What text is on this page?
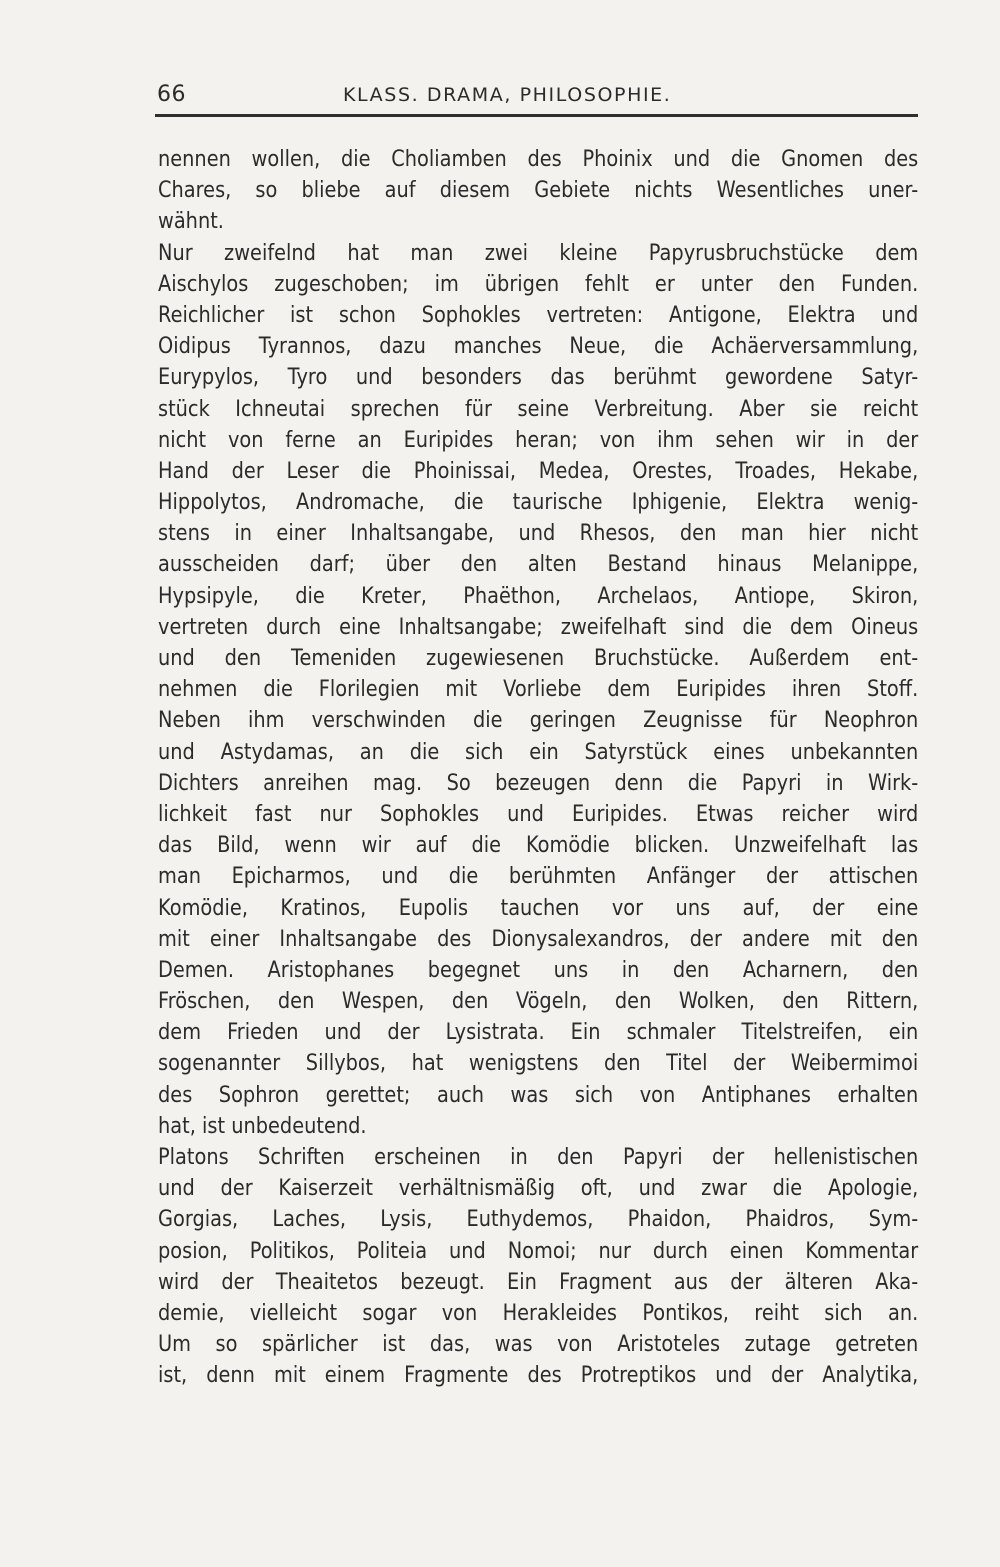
66	KLASS. DRAMA, PHILOSOPHIE.
nennen wollen, die Choliamben des Phoinix und die Gnomen des
Chares, so bliebe auf diesem Gebiete nichts Wesentliches uner-
wähnt.
Nur zweifelnd hat man zwei kleine Papyrusbruchstücke dem
Aischylos zugeschoben; im übrigen fehlt er unter den Funden.
Reichlicher ist schon Sophokles vertreten: Antigone, Elektra und
Oidipus Tyrannos, dazu manches Neue, die Achäerversammlung,
Eurypylos, Tyro und besonders das berühmt gewordene Satyr-
stück Ichneutai sprechen für seine Verbreitung. Aber sie reicht
nicht von ferne an Euripides heran; von ihm sehen wir in der
Hand der Leser die Phoinissai, Medea, Orestes, Troades, Hekabe,
Hippolytos, Andromache, die taurische Iphigenie, Elektra wenig-
stens in einer Inhaltsangabe, und Rhesos, den man hier nicht
ausscheiden darf; über den alten Bestand hinaus Melanippe,
Hypsipyle, die Kreter, Phaëthon, Archelaos, Antiope, Skiron,
vertreten durch eine Inhaltsangabe; zweifelhaft sind die dem Oineus
und den Temeniden zugewiesenen Bruchstücke. Außerdem ent-
nehmen die Florilegien mit Vorliebe dem Euripides ihren Stoff.
Neben ihm verschwinden die geringen Zeugnisse für Neophron
und Astydamas, an die sich ein Satyrstück eines unbekannten
Dichters anreihen mag. So bezeugen denn die Papyri in Wirk-
lichkeit fast nur Sophokles und Euripides. Etwas reicher wird
das Bild, wenn wir auf die Komödie blicken. Unzweifelhaft las
man Epicharmos, und die berühmten Anfänger der attischen
Komödie, Kratinos, Eupolis tauchen vor uns auf, der eine
mit einer Inhaltsangabe des Dionysalexandros, der andere mit den
Demen. Aristophanes begegnet uns in den Acharnern, den
Fröschen, den Wespen, den Vögeln, den Wolken, den Rittern,
dem Frieden und der Lysistrata. Ein schmaler Titelstreifen, ein
sogenannter Sillybos, hat wenigstens den Titel der Weibermimoi
des Sophron gerettet; auch was sich von Antiphanes erhalten
hat, ist unbedeutend.
Platons Schriften erscheinen in den Papyri der hellenistischen
und der Kaiserzeit verhältnismäßig oft, und zwar die Apologie,
Gorgias, Laches, Lysis, Euthydemos, Phaidon, Phaidros, Sym-
posion, Politikos, Politeia und Nomoi; nur durch einen Kommentar
wird der Theaitetos bezeugt. Ein Fragment aus der älteren Aka-
demie, vielleicht sogar von Herakleides Pontikos, reiht sich an.
Um so spärlicher ist das, was von Aristoteles zutage getreten
ist, denn mit einem Fragmente des Protreptikos und der Analytika,
